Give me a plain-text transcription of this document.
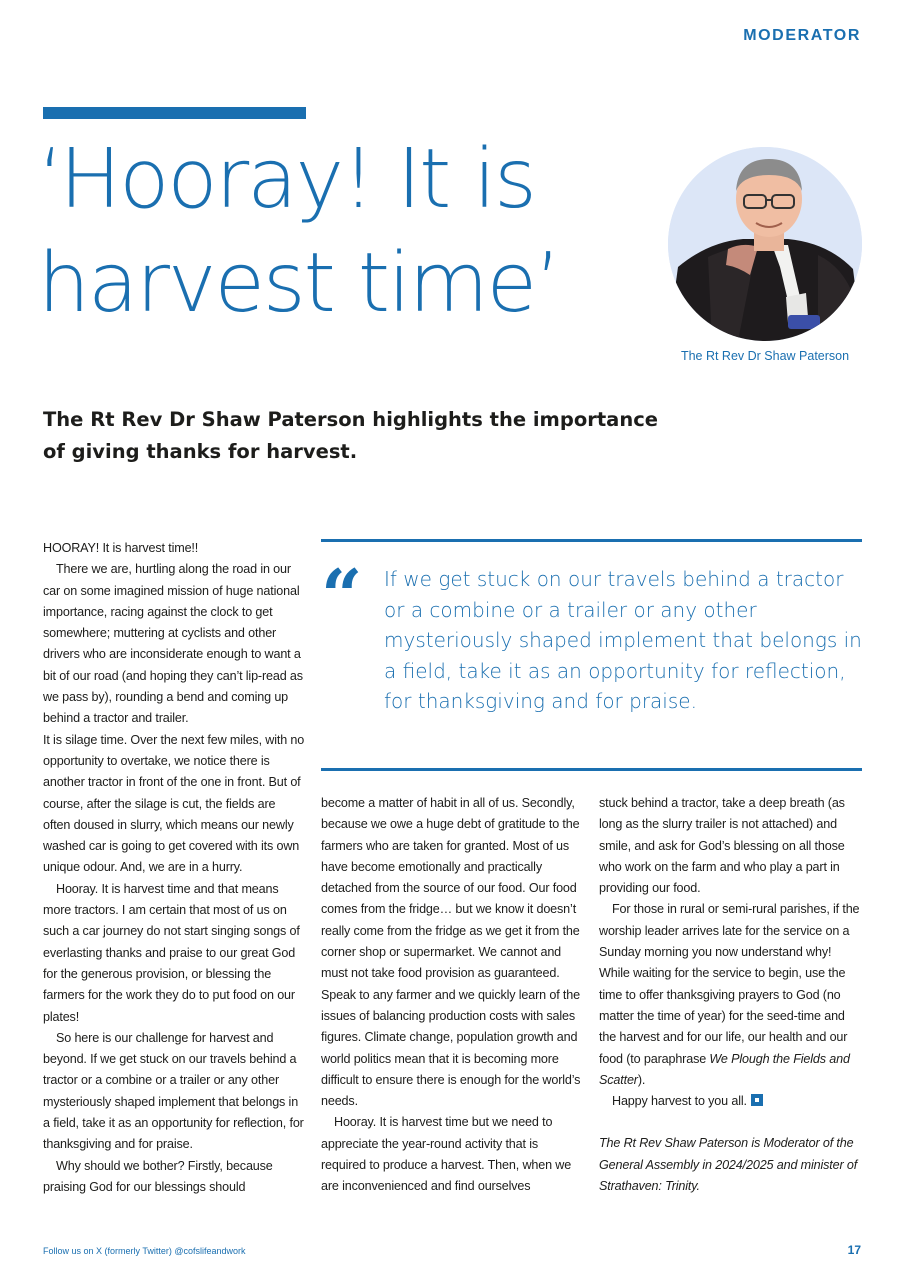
MODERATOR
‘Hooray! It is
harvest time’
The Rt Rev Dr Shaw Paterson

The Rt Rev Dr Shaw Paterson highlights the importance of giving thanks for harvest.

HOORAY! It is harvest time!!

There we are, hurtling along the road in our car on some imagined mission of huge national importance, racing against the clock to get somewhere; muttering at cyclists and other drivers who are inconsiderate enough to want a bit of our road (and hoping they can’t lip-read as we pass by), rounding a bend and coming up behind a tractor and trailer.

It is silage time. Over the next few miles, with no opportunity to overtake, we notice there is another tractor in front of the one in front. But of course, after the silage is cut, the fields are often doused in slurry, which means our newly washed car is going to get covered with its own unique odour. And, we are in a hurry.

Hooray. It is harvest time and that means more tractors. I am certain that most of us on such a car journey do not start singing songs of everlasting thanks and praise to our great God for the generous provision, or blessing the farmers for the work they do to put food on our plates!

So here is our challenge for harvest and beyond. If we get stuck on our travels behind a tractor or a combine or a trailer or any other mysteriously shaped implement that belongs in a field, take it as an opportunity for reflection, for thanksgiving and for praise.

Why should we bother? Firstly, because praising God for our blessings should

“ If we get stuck on our travels behind a tractor or a combine or a trailer or any other mysteriously shaped implement that belongs in a field, take it as an opportunity for reflection, for thanksgiving and for praise.

become a matter of habit in all of us. Secondly, because we owe a huge debt of gratitude to the farmers who are taken for granted. Most of us have become emotionally and practically detached from the source of our food. Our food comes from the fridge… but we know it doesn’t really come from the fridge as we get it from the corner shop or supermarket. We cannot and must not take food provision as guaranteed. Speak to any farmer and we quickly learn of the issues of balancing production costs with sales figures. Climate change, population growth and world politics mean that it is becoming more difficult to ensure there is enough for the world’s needs.

Hooray. It is harvest time but we need to appreciate the year-round activity that is required to produce a harvest. Then, when we are inconvenienced and find ourselves

stuck behind a tractor, take a deep breath (as long as the slurry trailer is not attached) and smile, and ask for God’s blessing on all those who work on the farm and who play a part in providing our food.

For those in rural or semi-rural parishes, if the worship leader arrives late for the service on a Sunday morning you now understand why! While waiting for the service to begin, use the time to offer thanksgiving prayers to God (no matter the time of year) for the seed-time and the harvest and for our life, our health and our food (to paraphrase We Plough the Fields and Scatter).

Happy harvest to you all.

The Rt Rev Shaw Paterson is Moderator of the General Assembly in 2024/2025 and minister of Strathaven: Trinity.

Follow us on X (formerly Twitter) @cofslifeandwork	17
